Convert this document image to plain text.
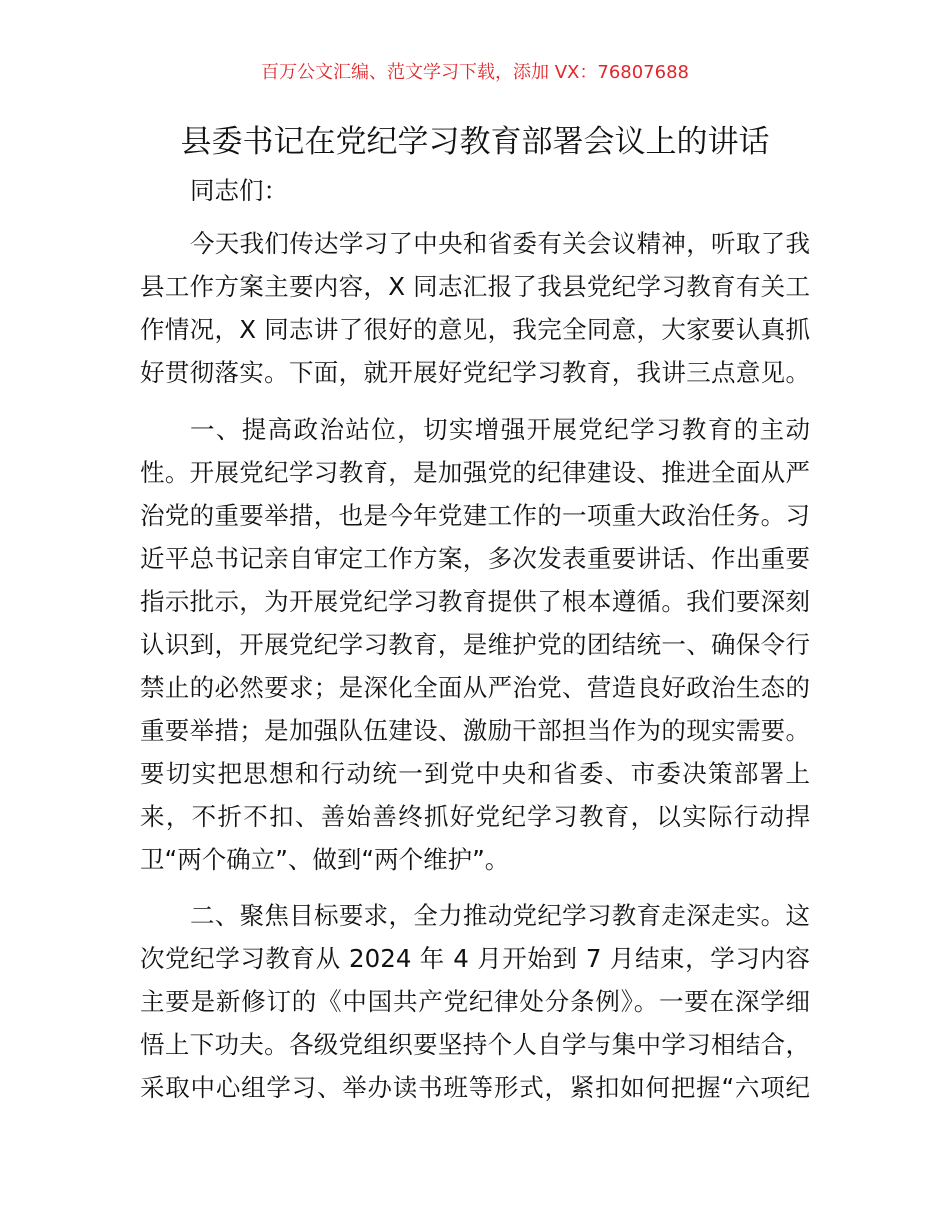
百万公文汇编、范文学习下载，添加 VX：76807688
县委书记在党纪学习教育部署会议上的讲话
同志们：
今天我们传达学习了中央和省委有关会议精神，听取了我
县工作方案主要内容，X 同志汇报了我县党纪学习教育有关工
作情况，X 同志讲了很好的意见，我完全同意，大家要认真抓
好贯彻落实。下面，就开展好党纪学习教育，我讲三点意见。
一、提高政治站位，切实增强开展党纪学习教育的主动
性。开展党纪学习教育，是加强党的纪律建设、推进全面从严
治党的重要举措，也是今年党建工作的一项重大政治任务。习
近平总书记亲自审定工作方案，多次发表重要讲话、作出重要
指示批示，为开展党纪学习教育提供了根本遵循。我们要深刻
认识到，开展党纪学习教育，是维护党的团结统一、确保令行
禁止的必然要求；是深化全面从严治党、营造良好政治生态的
重要举措；是加强队伍建设、激励干部担当作为的现实需要。
要切实把思想和行动统一到党中央和省委、市委决策部署上
来，不折不扣、善始善终抓好党纪学习教育，以实际行动捍
卫“两个确立”、做到“两个维护”。
二、聚焦目标要求，全力推动党纪学习教育走深走实。这
次党纪学习教育从 2024 年 4 月开始到 7 月结束，学习内容
主要是新修订的《中国共产党纪律处分条例》。一要在深学细
悟上下功夫。各级党组织要坚持个人自学与集中学习相结合，
采取中心组学习、举办读书班等形式，紧扣如何把握“六项纪
